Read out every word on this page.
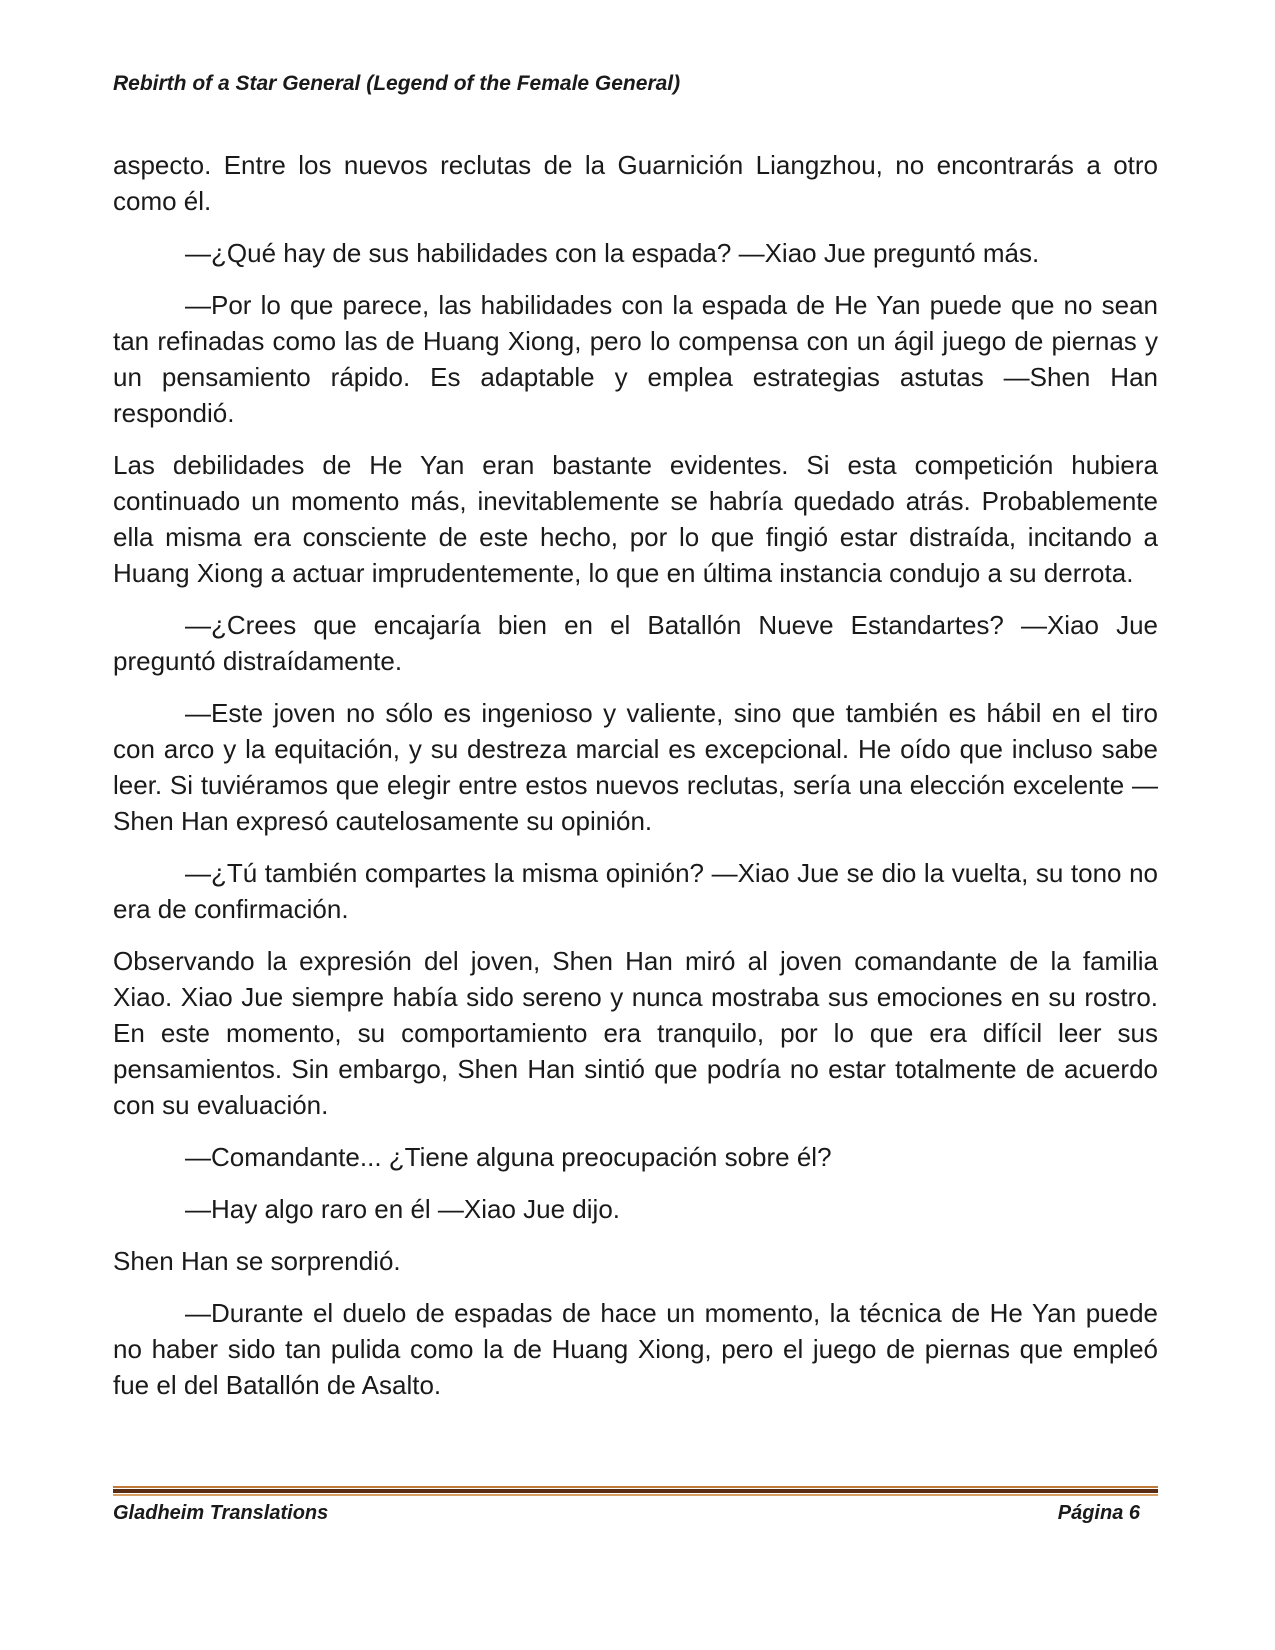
Rebirth of a Star General (Legend of the Female General)

aspecto. Entre los nuevos reclutas de la Guarnición Liangzhou, no encontrarás a otro como él.

—¿Qué hay de sus habilidades con la espada? —Xiao Jue preguntó más.

—Por lo que parece, las habilidades con la espada de He Yan puede que no sean tan refinadas como las de Huang Xiong, pero lo compensa con un ágil juego de piernas y un pensamiento rápido. Es adaptable y emplea estrategias astutas —Shen Han respondió.

Las debilidades de He Yan eran bastante evidentes. Si esta competición hubiera continuado un momento más, inevitablemente se habría quedado atrás. Probablemente ella misma era consciente de este hecho, por lo que fingió estar distraída, incitando a Huang Xiong a actuar imprudentemente, lo que en última instancia condujo a su derrota.

—¿Crees que encajaría bien en el Batallón Nueve Estandartes? —Xiao Jue preguntó distraídamente.

—Este joven no sólo es ingenioso y valiente, sino que también es hábil en el tiro con arco y la equitación, y su destreza marcial es excepcional. He oído que incluso sabe leer. Si tuviéramos que elegir entre estos nuevos reclutas, sería una elección excelente —Shen Han expresó cautelosamente su opinión.

—¿Tú también compartes la misma opinión? —Xiao Jue se dio la vuelta, su tono no era de confirmación.

Observando la expresión del joven, Shen Han miró al joven comandante de la familia Xiao. Xiao Jue siempre había sido sereno y nunca mostraba sus emociones en su rostro. En este momento, su comportamiento era tranquilo, por lo que era difícil leer sus pensamientos. Sin embargo, Shen Han sintió que podría no estar totalmente de acuerdo con su evaluación.

—Comandante... ¿Tiene alguna preocupación sobre él?

—Hay algo raro en él —Xiao Jue dijo.

Shen Han se sorprendió.

—Durante el duelo de espadas de hace un momento, la técnica de He Yan puede no haber sido tan pulida como la de Huang Xiong, pero el juego de piernas que empleó fue el del Batallón de Asalto.

Gladheim Translations	Página 6
